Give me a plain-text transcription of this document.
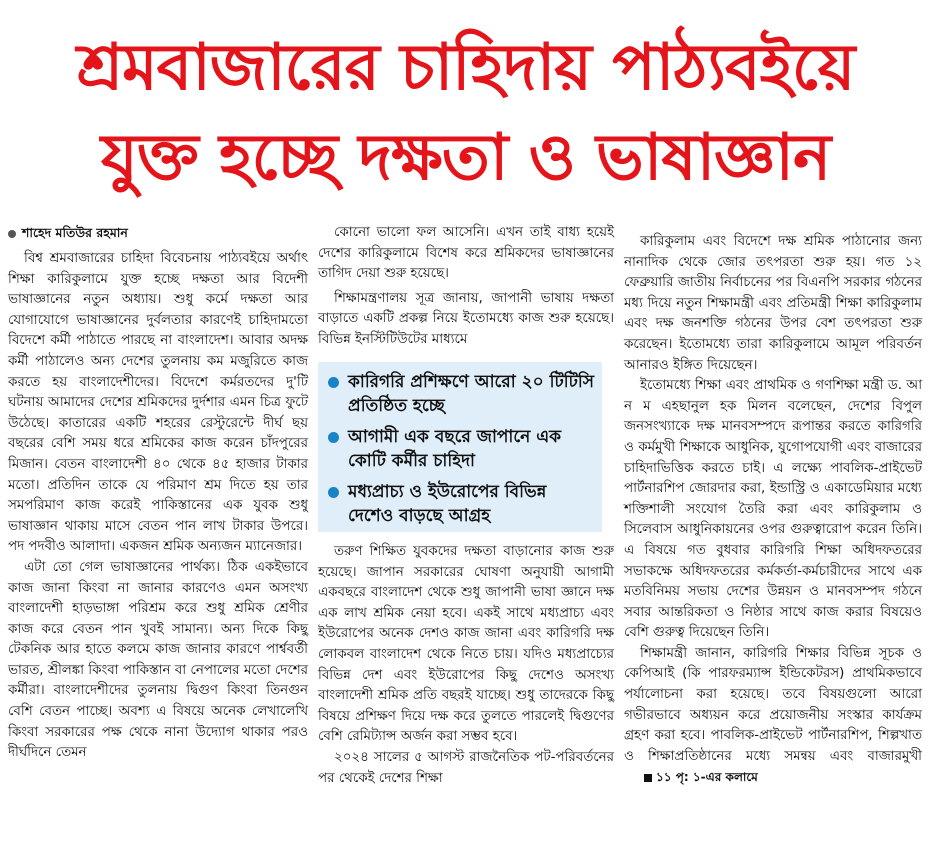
শ্রমবাজারের চাহিদায় পাঠ্যবইয়ে
যুক্ত হচ্ছে দক্ষতা ও ভাষাজ্ঞান

শাহেদ মতিউর রহমান

বিশ্ব শ্রমবাজারের চাহিদা বিবেচনায় পাঠ্যবইয়ে অর্থাৎ শিক্ষা কারিকুলামে যুক্ত হচ্ছে দক্ষতা আর বিদেশী ভাষাজ্ঞানের নতুন অধ্যায়। শুধু কর্মে দক্ষতা আর যোগাযোগে ভাষাজ্ঞানের দুর্বলতার কারণেই চাহিদামতো বিদেশে কর্মী পাঠাতে পারছে না বাংলাদেশ। আবার অদক্ষ কর্মী পাঠালেও অন্য দেশের তুলনায় কম মজুরিতে কাজ করতে হয় বাংলাদেশীদের। বিদেশে কর্মরতদের দু'টি ঘটনায় আমাদের দেশের শ্রমিকদের দুর্দশার এমন চিত্র ফুটে উঠেছে। কাতারের একটি শহরের রেস্টুরেন্টে দীর্ঘ ছয় বছরের বেশি সময় ধরে শ্রমিকের কাজ করেন চাঁদপুরের মিজান। বেতন বাংলাদেশী ৪০ থেকে ৪৫ হাজার টাকার মতো। প্রতিদিন তাকে যে পরিমাণ শ্রম দিতে হয় তার সমপরিমাণ কাজ করেই পাকিস্তানের এক যুবক শুধু ভাষাজ্ঞান থাকায় মাসে বেতন পান লাখ টাকার উপরে। পদ পদবীও আলাদা। একজন শ্রমিক অন্যজন ম্যানেজার।

এটা তো গেল ভাষাজ্ঞানের পার্থক্য। ঠিক একইভাবে কাজ জানা কিংবা না জানার কারণেও এমন অসংখ্য বাংলাদেশী হাড়ভাঙ্গা পরিশ্রম করে শুধু শ্রমিক শ্রেণীর কাজ করে বেতন পান খুবই সামান্য। অন্য দিকে কিছু টেকনিক আর হাতে কলমে কাজ জানার কারণে পার্শ্ববর্তী ভারত, শ্রীলঙ্কা কিংবা পাকিস্তান বা নেপালের মতো দেশের কর্মীরা। বাংলাদেশীদের তুলনায় দ্বিগুণ কিংবা তিনগুন বেশি বেতন পাচ্ছে। অবশ্য এ বিষয়ে অনেক লেখালেখি কিংবা সরকারের পক্ষ থেকে নানা উদ্যোগ থাকার পরও দীর্ঘদিনে তেমন

কোনো ভালো ফল আসেনি। এখন তাই বাধ্য হয়েই দেশের কারিকুলামে বিশেষ করে শ্রমিকদের ভাষাজ্ঞানের তাগিদ দেয়া শুরু হয়েছে।

শিক্ষামন্ত্রণালয় সূত্র জানায়, জাপানী ভাষায় দক্ষতা বাড়াতে একটি প্রকল্প নিয়ে ইতোমধ্যে কাজ শুরু হয়েছে। বিভিন্ন ইনস্টিটিউটের মাধ্যমে

কারিগরি প্রশিক্ষণে আরো ২০ টিটিসি প্রতিষ্ঠিত হচ্ছে
আগামী এক বছরে জাপানে এক কোটি কর্মীর চাহিদা
মধ্যপ্রাচ্য ও ইউরোপের বিভিন্ন দেশেও বাড়ছে আগ্রহ

তরুণ শিক্ষিত যুবকদের দক্ষতা বাড়ানোর কাজ শুরু হয়েছে। জাপান সরকারের ঘোষণা অনুযায়ী আগামী একবছরে বাংলাদেশ থেকে শুধু জাপানী ভাষা জ্ঞানে দক্ষ এক লাখ শ্রমিক নেয়া হবে। একই সাথে মধ্যপ্রাচ্য এবং ইউরোপের অনেক দেশও কাজ জানা এবং কারিগরি দক্ষ লোকবল বাংলাদেশ থেকে নিতে চায়। যদিও মধ্যপ্রাচ্যের বিভিন্ন দেশ এবং ইউরোপের কিছু দেশেও অসংখ্য বাংলাদেশী শ্রমিক প্রতি বছরই যাচ্ছে। শুধু তাদেরকে কিছু বিষয়ে প্রশিক্ষণ দিয়ে দক্ষ করে তুলতে পারলেই দ্বিগুণের বেশি রেমিট্যান্স অর্জন করা সম্ভব হবে।

২০২৪ সালের ৫ আগস্ট রাজনৈতিক পট-পরিবর্তনের পর থেকেই দেশের শিক্ষা

কারিকুলাম এবং বিদেশে দক্ষ শ্রমিক পাঠানোর জন্য নানাদিক থেকে জোর তৎপরতা শুরু হয়। গত ১২ ফেব্রুয়ারি জাতীয় নির্বাচনের পর বিএনপি সরকার গঠনের মধ্য দিয়ে নতুন শিক্ষামন্ত্রী এবং প্রতিমন্ত্রী শিক্ষা কারিকুলাম এবং দক্ষ জনশক্তি গঠনের উপর বেশ তৎপরতা শুরু করেছেন। ইতোমধ্যে তারা কারিকুলামে আমূল পরিবর্তন আনারও ইঙ্গিত দিয়েছেন।

ইতোমধ্যে শিক্ষা এবং প্রাথমিক ও গণশিক্ষা মন্ত্রী ড. আ ন ম এহছানুল হক মিলন বলেছেন, দেশের বিপুল জনসংখ্যাকে দক্ষ মানবসম্পদে রূপান্তর করতে কারিগরি ও কর্মমুখী শিক্ষাকে আধুনিক, যুগোপযোগী এবং বাজারের চাহিদাভিত্তিক করতে চাই। এ লক্ষ্যে পাবলিক-প্রাইভেট পার্টনারশিপ জোরদার করা, ইন্ডাস্ট্রি ও একাডেমিয়ার মধ্যে শক্তিশালী সংযোগ তৈরি করা এবং কারিকুলাম ও সিলেবাস আধুনিকায়নের ওপর গুরুত্বারোপ করেন তিনি। এ বিষয়ে গত বুধবার কারিগরি শিক্ষা অধিদফতরের সভাকক্ষে অধিদফতরের কর্মকর্তা-কর্মচারীদের সাথে এক মতবিনিময় সভায় দেশের উন্নয়ন ও মানবসম্পদ গঠনে সবার আন্তরিকতা ও নিষ্ঠার সাথে কাজ করার বিষয়েও বেশি গুরুত্ব দিয়েছেন তিনি।

শিক্ষামন্ত্রী জানান, কারিগরি শিক্ষার বিভিন্ন সূচক ও কেপিআই (কি পারফরম্যান্স ইন্ডিকেটরস) প্রাথমিকভাবে পর্যালোচনা করা হয়েছে। তবে বিষয়গুলো আরো গভীরভাবে অধ্যয়ন করে প্রয়োজনীয় সংস্কার কার্যক্রম গ্রহণ করা হবে। পাবলিক-প্রাইভেট পার্টনারশিপ, শিল্পখাত ও শিক্ষাপ্রতিষ্ঠানের মধ্যে সমন্বয় এবং বাজারমুখী ১১ পৃ: ১-এর কলামে
